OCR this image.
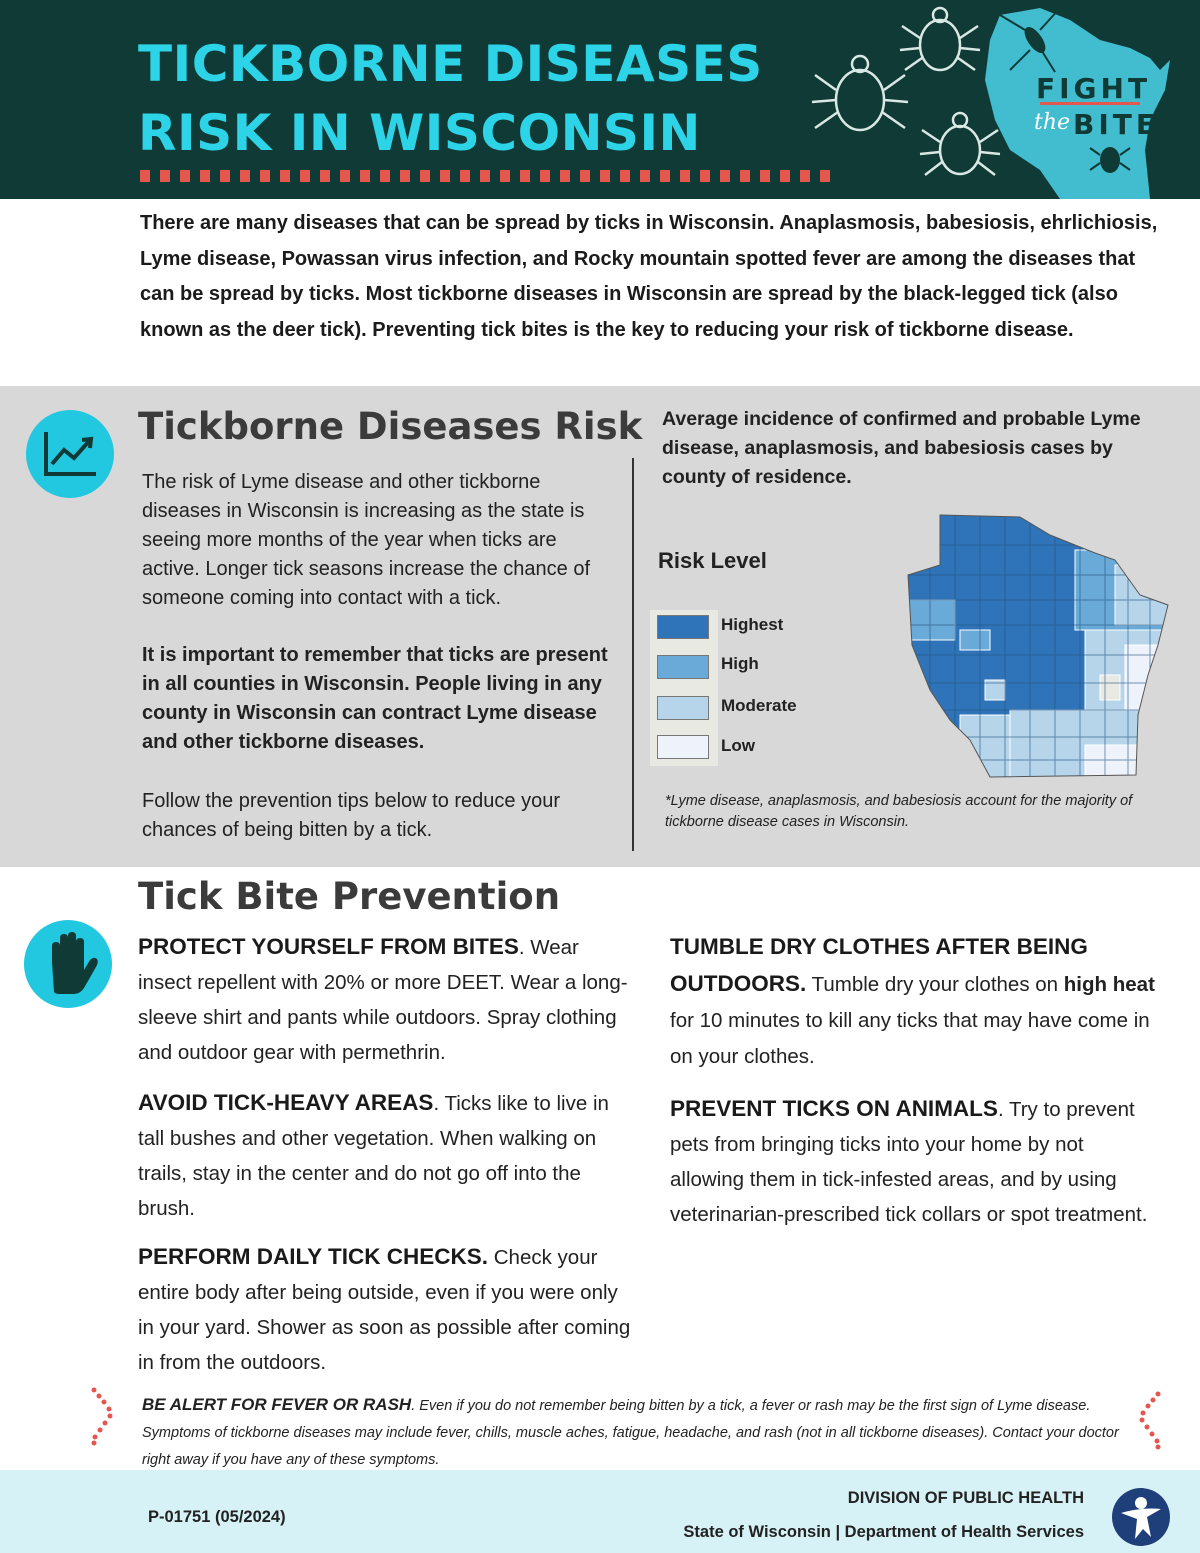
TICKBORNE DISEASES
RISK IN WISCONSIN
FIGHT
the BITE
There are many diseases that can be spread by ticks in Wisconsin. Anaplasmosis, babesiosis, ehrlichiosis, Lyme disease, Powassan virus infection, and Rocky mountain spotted fever are among the diseases that can be spread by ticks. Most tickborne diseases in Wisconsin are spread by the black-legged tick (also known as the deer tick). Preventing tick bites is the key to reducing your risk of tickborne disease.
Tickborne Diseases Risk
The risk of Lyme disease and other tickborne diseases in Wisconsin is increasing as the state is seeing more months of the year when ticks are active. Longer tick seasons increase the chance of someone coming into contact with a tick.
It is important to remember that ticks are present in all counties in Wisconsin. People living in any county in Wisconsin can contract Lyme disease and other tickborne diseases.
Follow the prevention tips below to reduce your chances of being bitten by a tick.
Average incidence of confirmed and probable Lyme disease, anaplasmosis, and babesiosis cases by county of residence.
Risk Level
Highest
High
Moderate
Low
*Lyme disease, anaplasmosis, and babesiosis account for the majority of tickborne disease cases in Wisconsin.
Tick Bite Prevention
PROTECT YOURSELF FROM BITES. Wear insect repellent with 20% or more DEET. Wear a long-sleeve shirt and pants while outdoors. Spray clothing and outdoor gear with permethrin.
AVOID TICK-HEAVY AREAS. Ticks like to live in tall bushes and other vegetation. When walking on trails, stay in the center and do not go off into the brush.
PERFORM DAILY TICK CHECKS. Check your entire body after being outside, even if you were only in your yard. Shower as soon as possible after coming in from the outdoors.
TUMBLE DRY CLOTHES AFTER BEING OUTDOORS. Tumble dry your clothes on high heat for 10 minutes to kill any ticks that may have come in on your clothes.
PREVENT TICKS ON ANIMALS. Try to prevent pets from bringing ticks into your home by not allowing them in tick-infested areas, and by using veterinarian-prescribed tick collars or spot treatment.
BE ALERT FOR FEVER OR RASH. Even if you do not remember being bitten by a tick, a fever or rash may be the first sign of Lyme disease. Symptoms of tickborne diseases may include fever, chills, muscle aches, fatigue, headache, and rash (not in all tickborne diseases). Contact your doctor right away if you have any of these symptoms.
P-01751 (05/2024)
DIVISION OF PUBLIC HEALTH
State of Wisconsin | Department of Health Services
